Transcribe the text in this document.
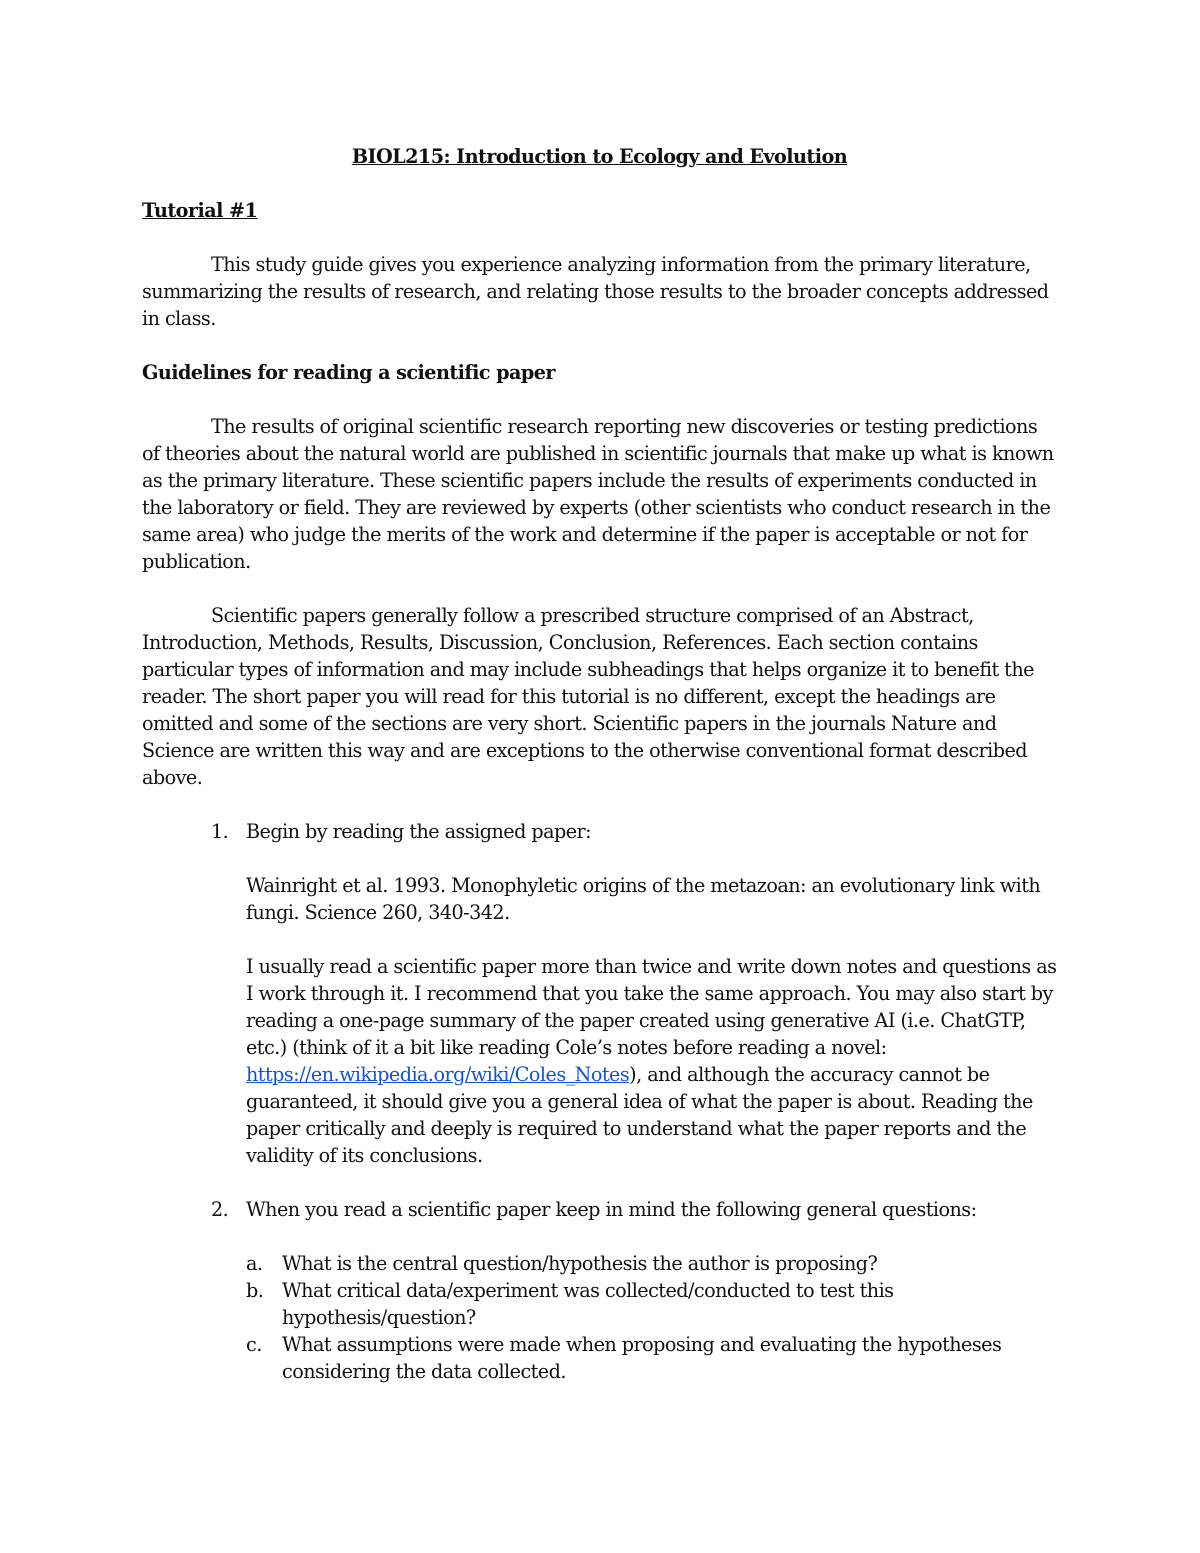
BIOL215: Introduction to Ecology and Evolution
Tutorial #1

This study guide gives you experience analyzing information from the primary literature, summarizing the results of research, and relating those results to the broader concepts addressed in class.

Guidelines for reading a scientific paper

The results of original scientific research reporting new discoveries or testing predictions of theories about the natural world are published in scientific journals that make up what is known as the primary literature. These scientific papers include the results of experiments conducted in the laboratory or field. They are reviewed by experts (other scientists who conduct research in the same area) who judge the merits of the work and determine if the paper is acceptable or not for publication.

Scientific papers generally follow a prescribed structure comprised of an Abstract, Introduction, Methods, Results, Discussion, Conclusion, References. Each section contains particular types of information and may include subheadings that helps organize it to benefit the reader. The short paper you will read for this tutorial is no different, except the headings are omitted and some of the sections are very short. Scientific papers in the journals Nature and Science are written this way and are exceptions to the otherwise conventional format described above.

1. Begin by reading the assigned paper:

Wainright et al. 1993. Monophyletic origins of the metazoan: an evolutionary link with fungi. Science 260, 340-342.

I usually read a scientific paper more than twice and write down notes and questions as I work through it. I recommend that you take the same approach. You may also start by reading a one-page summary of the paper created using generative AI (i.e. ChatGTP, etc.) (think of it a bit like reading Cole’s notes before reading a novel: https://en.wikipedia.org/wiki/Coles_Notes), and although the accuracy cannot be guaranteed, it should give you a general idea of what the paper is about. Reading the paper critically and deeply is required to understand what the paper reports and the validity of its conclusions.

2. When you read a scientific paper keep in mind the following general questions:
a. What is the central question/hypothesis the author is proposing?
b. What critical data/experiment was collected/conducted to test this hypothesis/question?
c. What assumptions were made when proposing and evaluating the hypotheses considering the data collected.
